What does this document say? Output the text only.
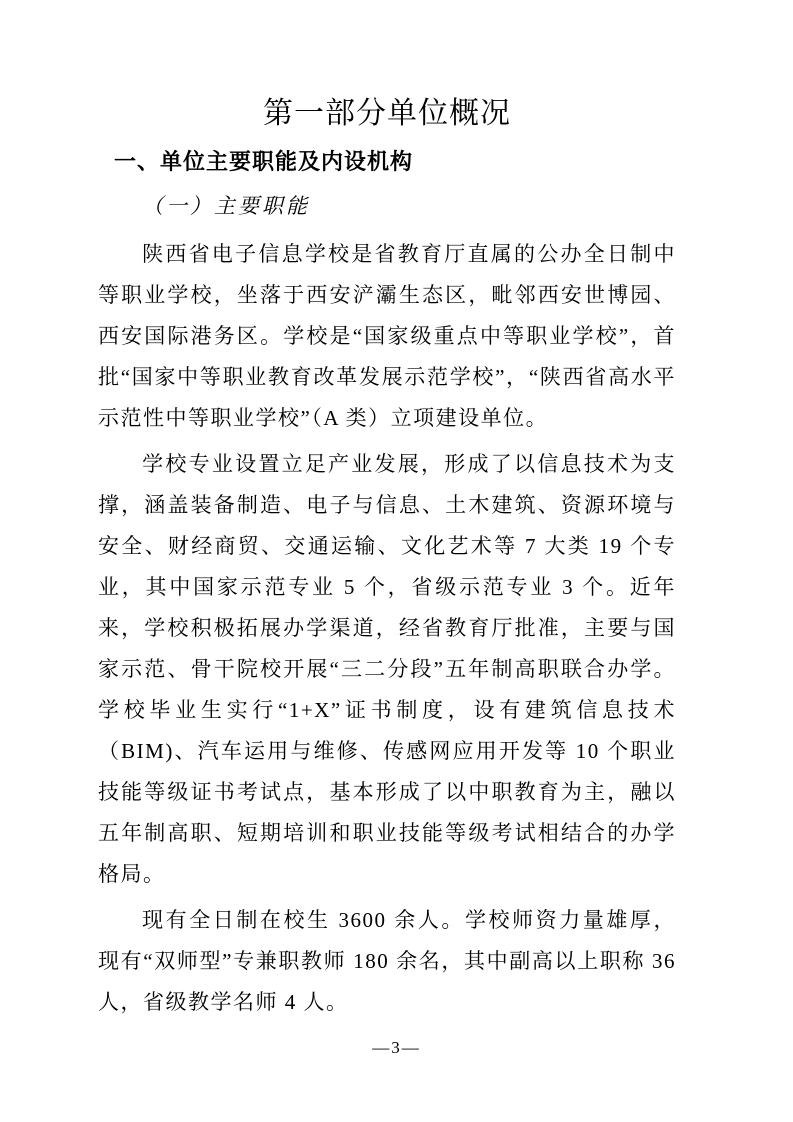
第一部分单位概况
一、单位主要职能及内设机构
（一）主要职能

陕西省电子信息学校是省教育厅直属的公办全日制中等职业学校，坐落于西安浐灞生态区，毗邻西安世博园、西安国际港务区。学校是“国家级重点中等职业学校”，首批“国家中等职业教育改革发展示范学校”，“陕西省高水平示范性中等职业学校”（A 类）立项建设单位。

学校专业设置立足产业发展，形成了以信息技术为支撑，涵盖装备制造、电子与信息、土木建筑、资源环境与安全、财经商贸、交通运输、文化艺术等 7 大类 19 个专业，其中国家示范专业 5 个，省级示范专业 3 个。近年来，学校积极拓展办学渠道，经省教育厅批准，主要与国家示范、骨干院校开展“三二分段”五年制高职联合办学。学校毕业生实行“1+X”证书制度，设有建筑信息技术（BIM)、汽车运用与维修、传感网应用开发等 10 个职业技能等级证书考试点，基本形成了以中职教育为主，融以五年制高职、短期培训和职业技能等级考试相结合的办学格局。

现有全日制在校生 3600 余人。学校师资力量雄厚，现有“双师型”专兼职教师 180 余名，其中副高以上职称 36 人，省级教学名师 4 人。

—3—
